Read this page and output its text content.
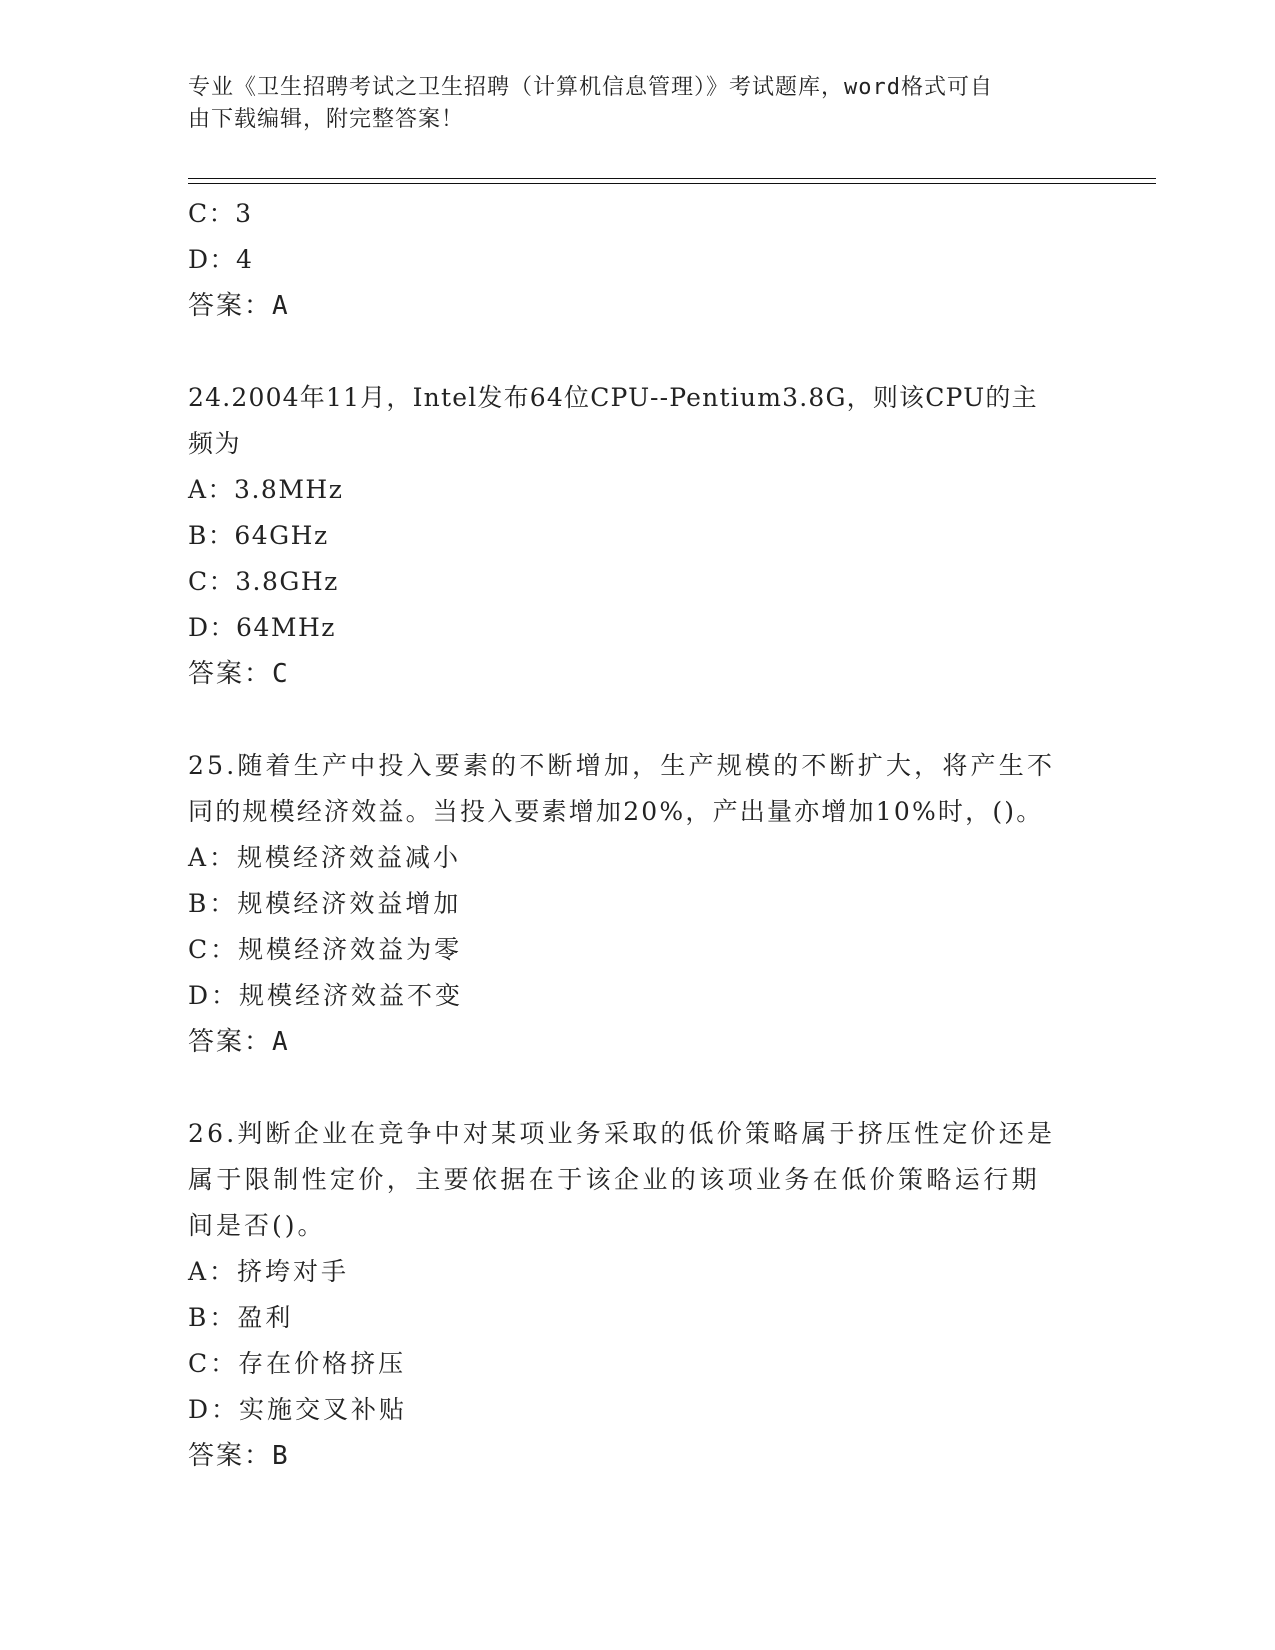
专业《卫生招聘考试之卫生招聘（计算机信息管理）》考试题库，word格式可自
由下载编辑，附完整答案！
C：3
D：4
答案：A
24.2004年11月，Intel发布64位CPU--Pentium3.8G，则该CPU的主
频为
A：3.8MHz
B：64GHz
C：3.8GHz
D：64MHz
答案：C
25.随着生产中投入要素的不断增加，生产规模的不断扩大，将产生不
同的规模经济效益。当投入要素增加20%，产出量亦增加10%时，()。
A：规模经济效益减小
B：规模经济效益增加
C：规模经济效益为零
D：规模经济效益不变
答案：A
26.判断企业在竞争中对某项业务采取的低价策略属于挤压性定价还是
属于限制性定价，主要依据在于该企业的该项业务在低价策略运行期
间是否()。
A：挤垮对手
B：盈利
C：存在价格挤压
D：实施交叉补贴
答案：B
